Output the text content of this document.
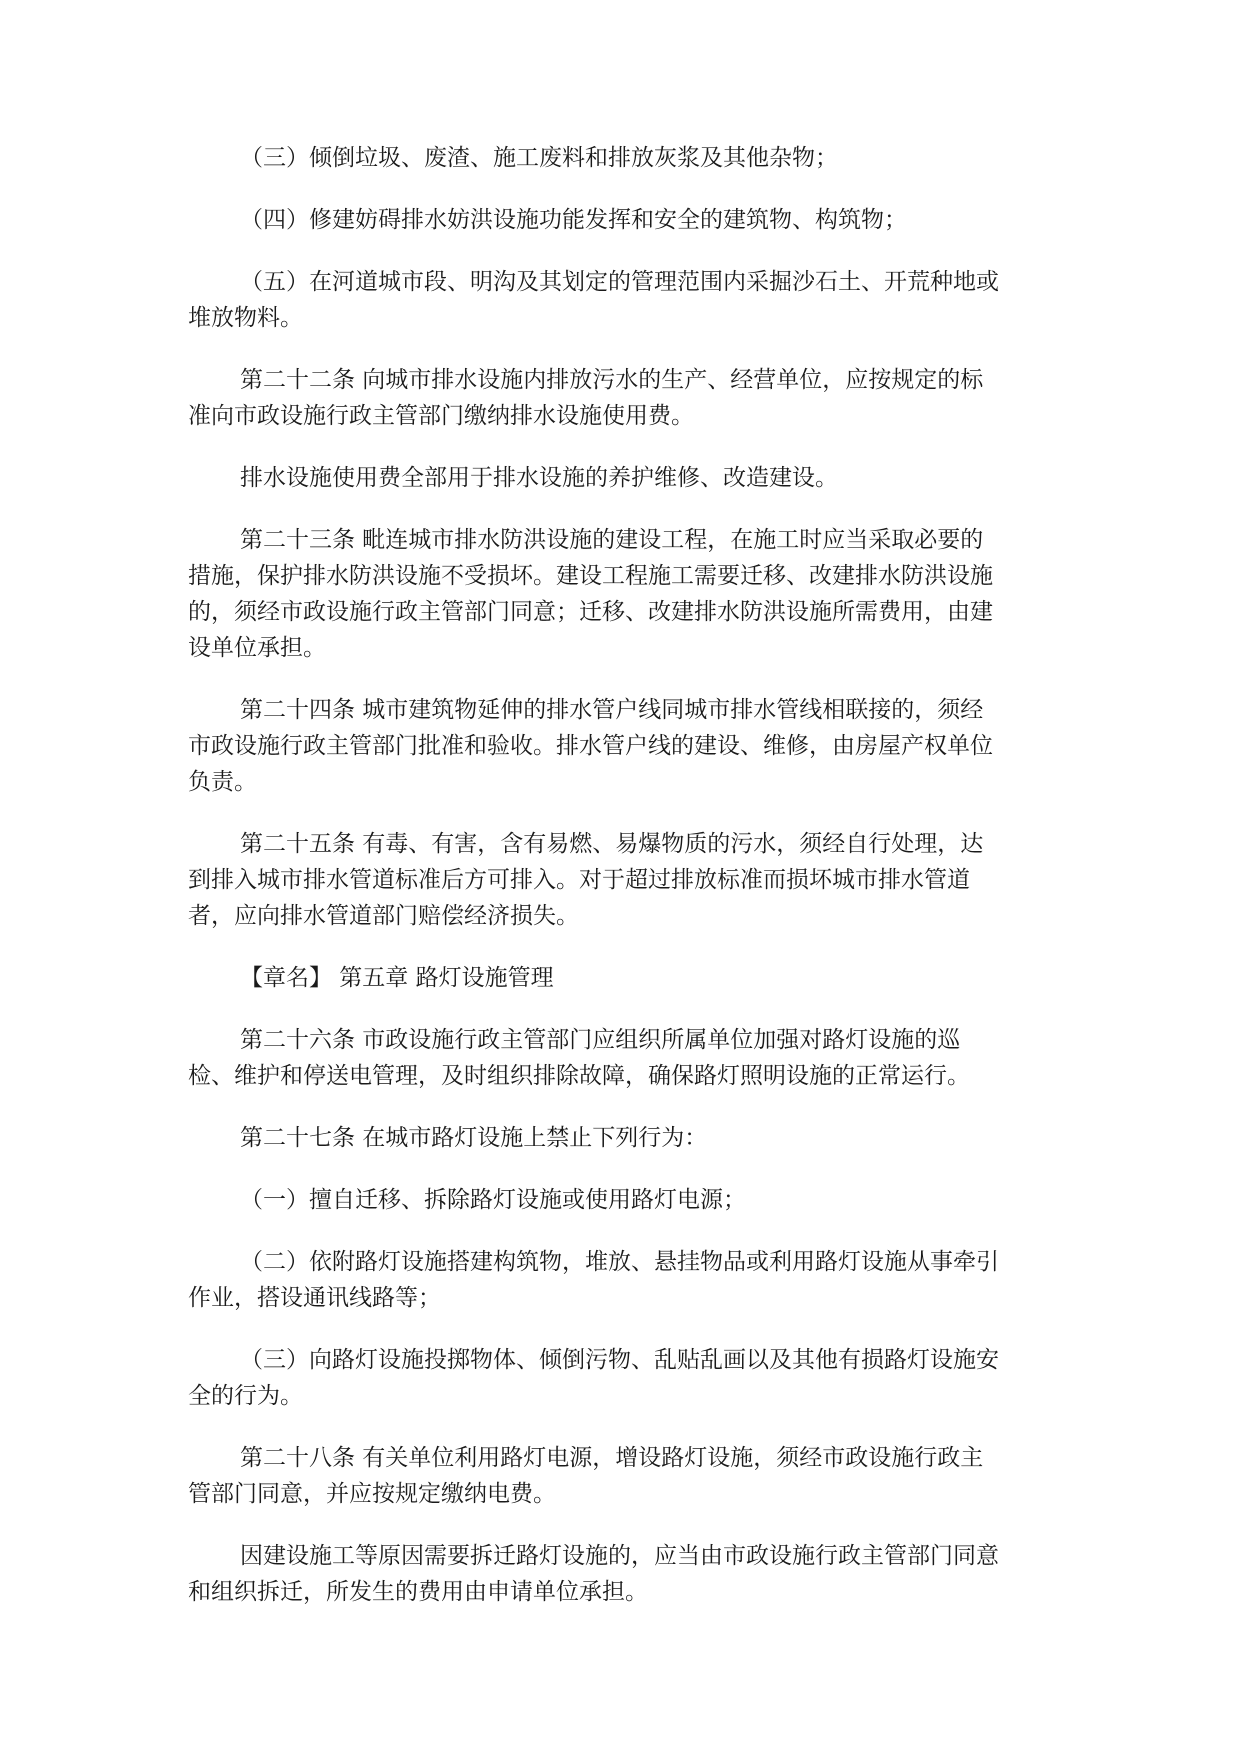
（三）倾倒垃圾、废渣、施工废料和排放灰浆及其他杂物；

（四）修建妨碍排水妨洪设施功能发挥和安全的建筑物、构筑物；

（五）在河道城市段、明沟及其划定的管理范围内采掘沙石土、开荒种地或堆放物料。

第二十二条 向城市排水设施内排放污水的生产、经营单位，应按规定的标准向市政设施行政主管部门缴纳排水设施使用费。

排水设施使用费全部用于排水设施的养护维修、改造建设。

第二十三条 毗连城市排水防洪设施的建设工程，在施工时应当采取必要的措施，保护排水防洪设施不受损坏。建设工程施工需要迁移、改建排水防洪设施的，须经市政设施行政主管部门同意；迁移、改建排水防洪设施所需费用，由建设单位承担。

第二十四条 城市建筑物延伸的排水管户线同城市排水管线相联接的，须经市政设施行政主管部门批准和验收。排水管户线的建设、维修，由房屋产权单位负责。

第二十五条 有毒、有害，含有易燃、易爆物质的污水，须经自行处理，达到排入城市排水管道标准后方可排入。对于超过排放标准而损坏城市排水管道者，应向排水管道部门赔偿经济损失。

【章名】 第五章 路灯设施管理

第二十六条 市政设施行政主管部门应组织所属单位加强对路灯设施的巡检、维护和停送电管理，及时组织排除故障，确保路灯照明设施的正常运行。

第二十七条 在城市路灯设施上禁止下列行为：

（一）擅自迁移、拆除路灯设施或使用路灯电源；

（二）依附路灯设施搭建构筑物，堆放、悬挂物品或利用路灯设施从事牵引作业，搭设通讯线路等；

（三）向路灯设施投掷物体、倾倒污物、乱贴乱画以及其他有损路灯设施安全的行为。

第二十八条 有关单位利用路灯电源，增设路灯设施，须经市政设施行政主管部门同意，并应按规定缴纳电费。

因建设施工等原因需要拆迁路灯设施的，应当由市政设施行政主管部门同意和组织拆迁，所发生的费用由申请单位承担。
